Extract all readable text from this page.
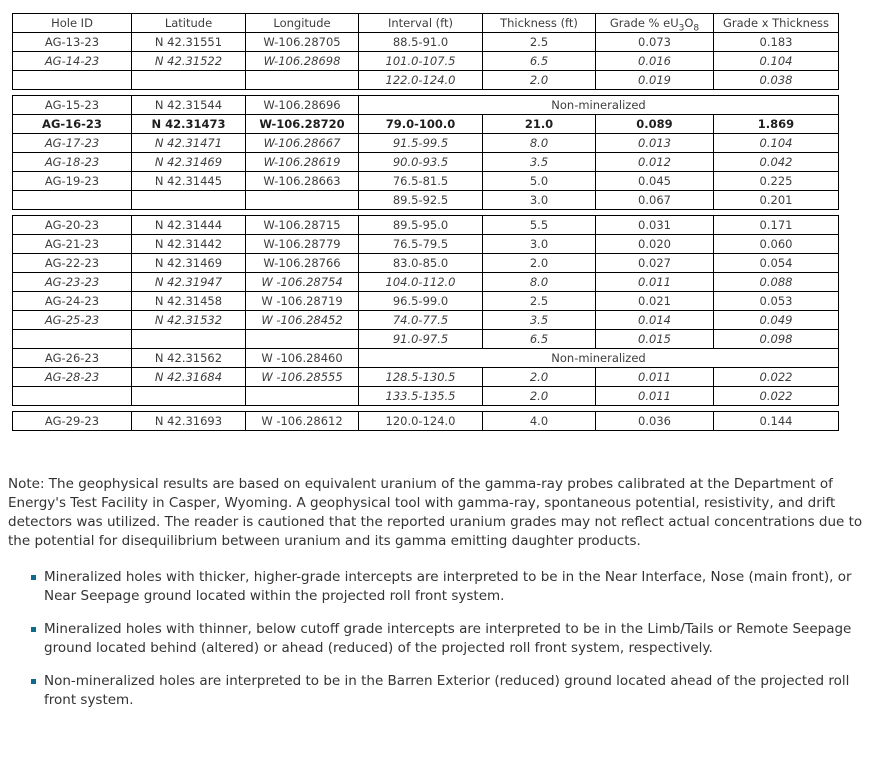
Hole ID	Latitude	Longitude	Interval (ft)	Thickness (ft)	Grade % $eU_3O_8$	Grade x Thickness
AG-13-23	N 42.31551	W-106.28705	88.5-91.0	2.5	0.073	0.183
AG-14-23	N 42.31522	W-106.28698	101.0-107.5	6.5	0.016	0.104
			122.0-124.0	2.0	0.019	0.038
AG-15-23	N 42.31544	W-106.28696	Non-mineralized			
AG-16-23	N 42.31473	W-106.28720	79.0-100.0	21.0	0.089	1.869
AG-17-23	N 42.31471	W-106.28667	91.5-99.5	8.0	0.013	0.104
AG-18-23	N 42.31469	W-106.28619	90.0-93.5	3.5	0.012	0.042
AG-19-23	N 42.31445	W-106.28663	76.5-81.5	5.0	0.045	0.225
			89.5-92.5	3.0	0.067	0.201
AG-20-23	N 42.31444	W-106.28715	89.5-95.0	5.5	0.031	0.171
AG-21-23	N 42.31442	W-106.28779	76.5-79.5	3.0	0.020	0.060
AG-22-23	N 42.31469	W-106.28766	83.0-85.0	2.0	0.027	0.054
AG-23-23	N 42.31947	W -106.28754	104.0-112.0	8.0	0.011	0.088
AG-24-23	N 42.31458	W -106.28719	96.5-99.0	2.5	0.021	0.053
AG-25-23	N 42.31532	W -106.28452	74.0-77.5	3.5	0.014	0.049
			91.0-97.5	6.5	0.015	0.098
AG-26-23	N 42.31562	W -106.28460	Non-mineralized			
AG-28-23	N 42.31684	W -106.28555	128.5-130.5	2.0	0.011	0.022
			133.5-135.5	2.0	0.011	0.022
AG-29-23	N 42.31693	W -106.28612	120.0-124.0	4.0	0.036	0.144
Note: The geophysical results are based on equivalent uranium of the gamma-ray probes calibrated at the Department of Energy's Test Facility in Casper, Wyoming. A geophysical tool with gamma-ray, spontaneous potential, resistivity, and drift detectors was utilized. The reader is cautioned that the reported uranium grades may not reflect actual concentrations due to the potential for disequilibrium between uranium and its gamma emitting daughter products.
Mineralized holes with thicker, higher-grade intercepts are interpreted to be in the Near Interface, Nose (main front), or Near Seepage ground located within the projected roll front system.
Mineralized holes with thinner, below cutoff grade intercepts are interpreted to be in the Limb/Tails or Remote Seepage ground located behind (altered) or ahead (reduced) of the projected roll front system, respectively.
Non-mineralized holes are interpreted to be in the Barren Exterior (reduced) ground located ahead of the projected roll front system.
